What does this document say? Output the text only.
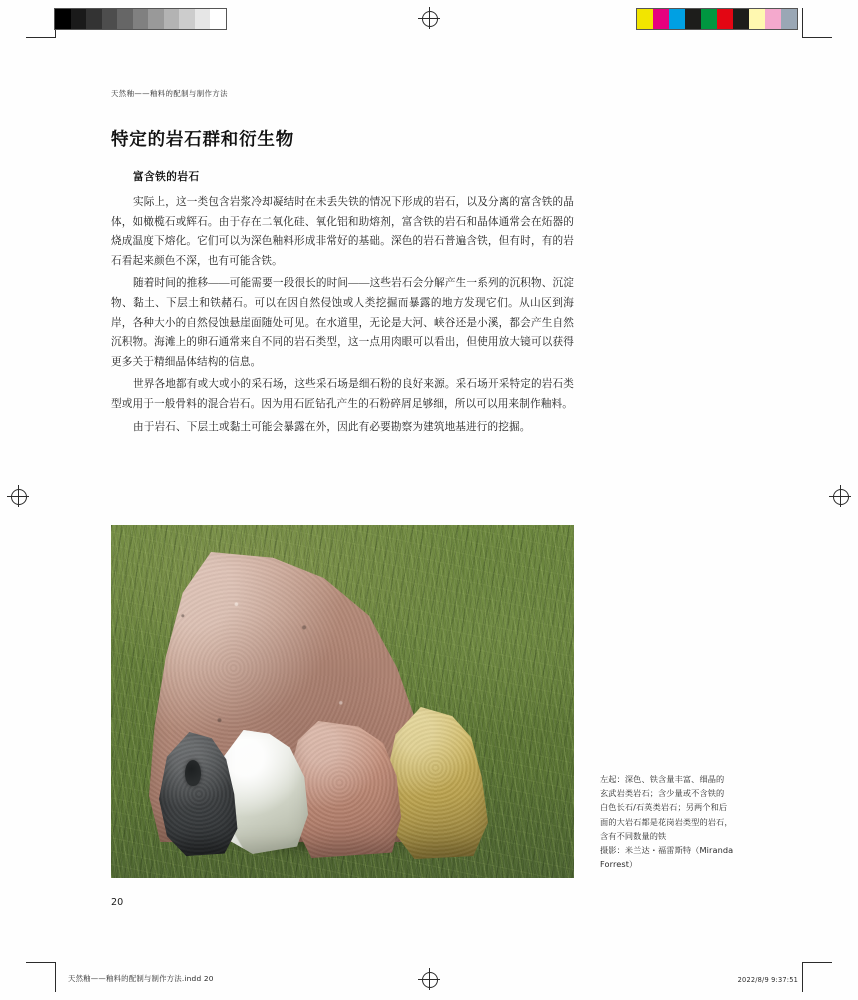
天然釉——釉料的配制与制作方法
特定的岩石群和衍生物
富含铁的岩石

实际上，这一类包含岩浆冷却凝结时在未丢失铁的情况下形成的岩石，以及分离的富含铁的晶体，如橄榄石或辉石。由于存在二氧化硅、氧化铝和助熔剂，富含铁的岩石和晶体通常会在炻器的烧成温度下熔化。它们可以为深色釉料形成非常好的基础。深色的岩石普遍含铁，但有时，有的岩石看起来颜色不深，也有可能含铁。

随着时间的推移——可能需要一段很长的时间——这些岩石会分解产生一系列的沉积物、沉淀物、黏土、下层土和铁赭石。可以在因自然侵蚀或人类挖掘而暴露的地方发现它们。从山区到海岸，各种大小的自然侵蚀悬崖面随处可见。在水道里，无论是大河、峡谷还是小溪，都会产生自然沉积物。海滩上的卵石通常来自不同的岩石类型，这一点用肉眼可以看出，但使用放大镜可以获得更多关于精细晶体结构的信息。

世界各地都有或大或小的采石场，这些采石场是细石粉的良好来源。采石场开采特定的岩石类型或用于一般骨料的混合岩石。因为用石匠钻孔产生的石粉碎屑足够细，所以可以用来制作釉料。

由于岩石、下层土或黏土可能会暴露在外，因此有必要勘察为建筑地基进行的挖掘。

左起：深色、铁含量丰富、细晶的

玄武岩类岩石；含少量或不含铁的

白色长石/石英类岩石；另两个和后

面的大岩石都是花岗岩类型的岩石，

含有不同数量的铁

摄影：米兰达・福雷斯特（Miranda

Forrest）

20
天然釉——釉料的配制与制作方法.indd 20	2022/8/9 9:37:51
